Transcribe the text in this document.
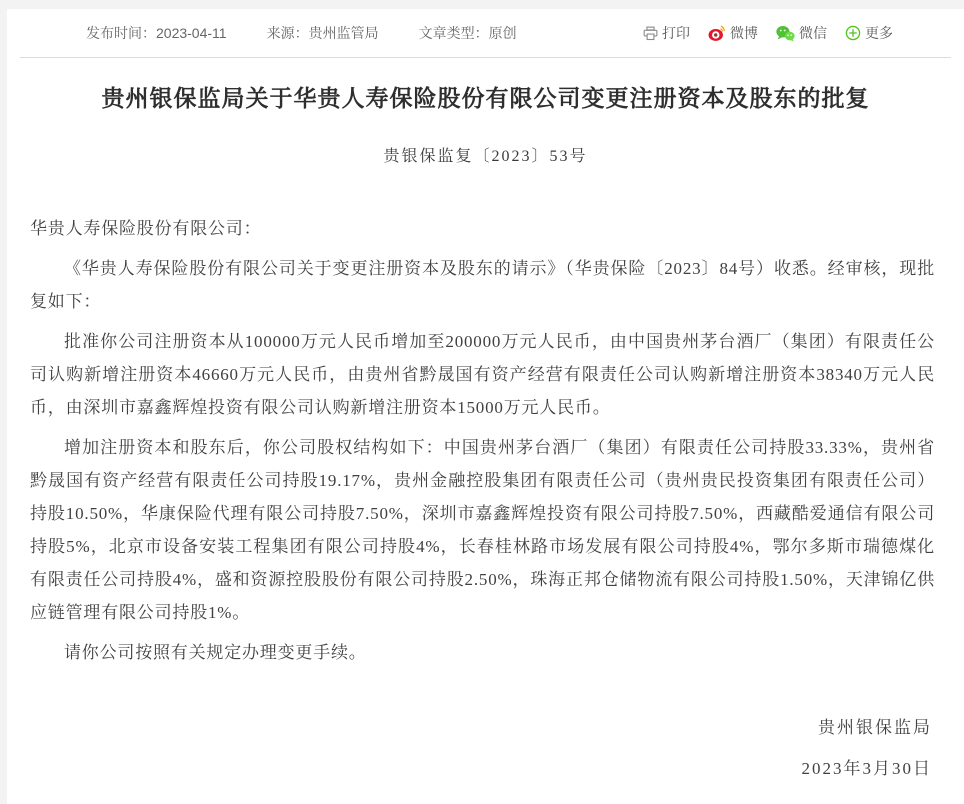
发布时间：2023-04-11	来源：贵州监管局	文章类型：原创	打印	微博	微信	更多
贵州银保监局关于华贵人寿保险股份有限公司变更注册资本及股东的批复
贵银保监复〔2023〕53号

华贵人寿保险股份有限公司：

《华贵人寿保险股份有限公司关于变更注册资本及股东的请示》（华贵保险〔2023〕84号）收悉。经审核，现批复如下：

批准你公司注册资本从100000万元人民币增加至200000万元人民币，由中国贵州茅台酒厂（集团）有限责任公司认购新增注册资本46660万元人民币，由贵州省黔晟国有资产经营有限责任公司认购新增注册资本38340万元人民币，由深圳市嘉鑫辉煌投资有限公司认购新增注册资本15000万元人民币。

增加注册资本和股东后，你公司股权结构如下：中国贵州茅台酒厂（集团）有限责任公司持股33.33%，贵州省黔晟国有资产经营有限责任公司持股19.17%，贵州金融控股集团有限责任公司（贵州贵民投资集团有限责任公司）持股10.50%，华康保险代理有限公司持股7.50%，深圳市嘉鑫辉煌投资有限公司持股7.50%，西藏酷爱通信有限公司持股5%，北京市设备安装工程集团有限公司持股4%，长春桂林路市场发展有限公司持股4%，鄂尔多斯市瑞德煤化有限责任公司持股4%，盛和资源控股股份有限公司持股2.50%，珠海正邦仓储物流有限公司持股1.50%，天津锦亿供应链管理有限公司持股1%。

请你公司按照有关规定办理变更手续。

贵州银保监局

2023年3月30日
